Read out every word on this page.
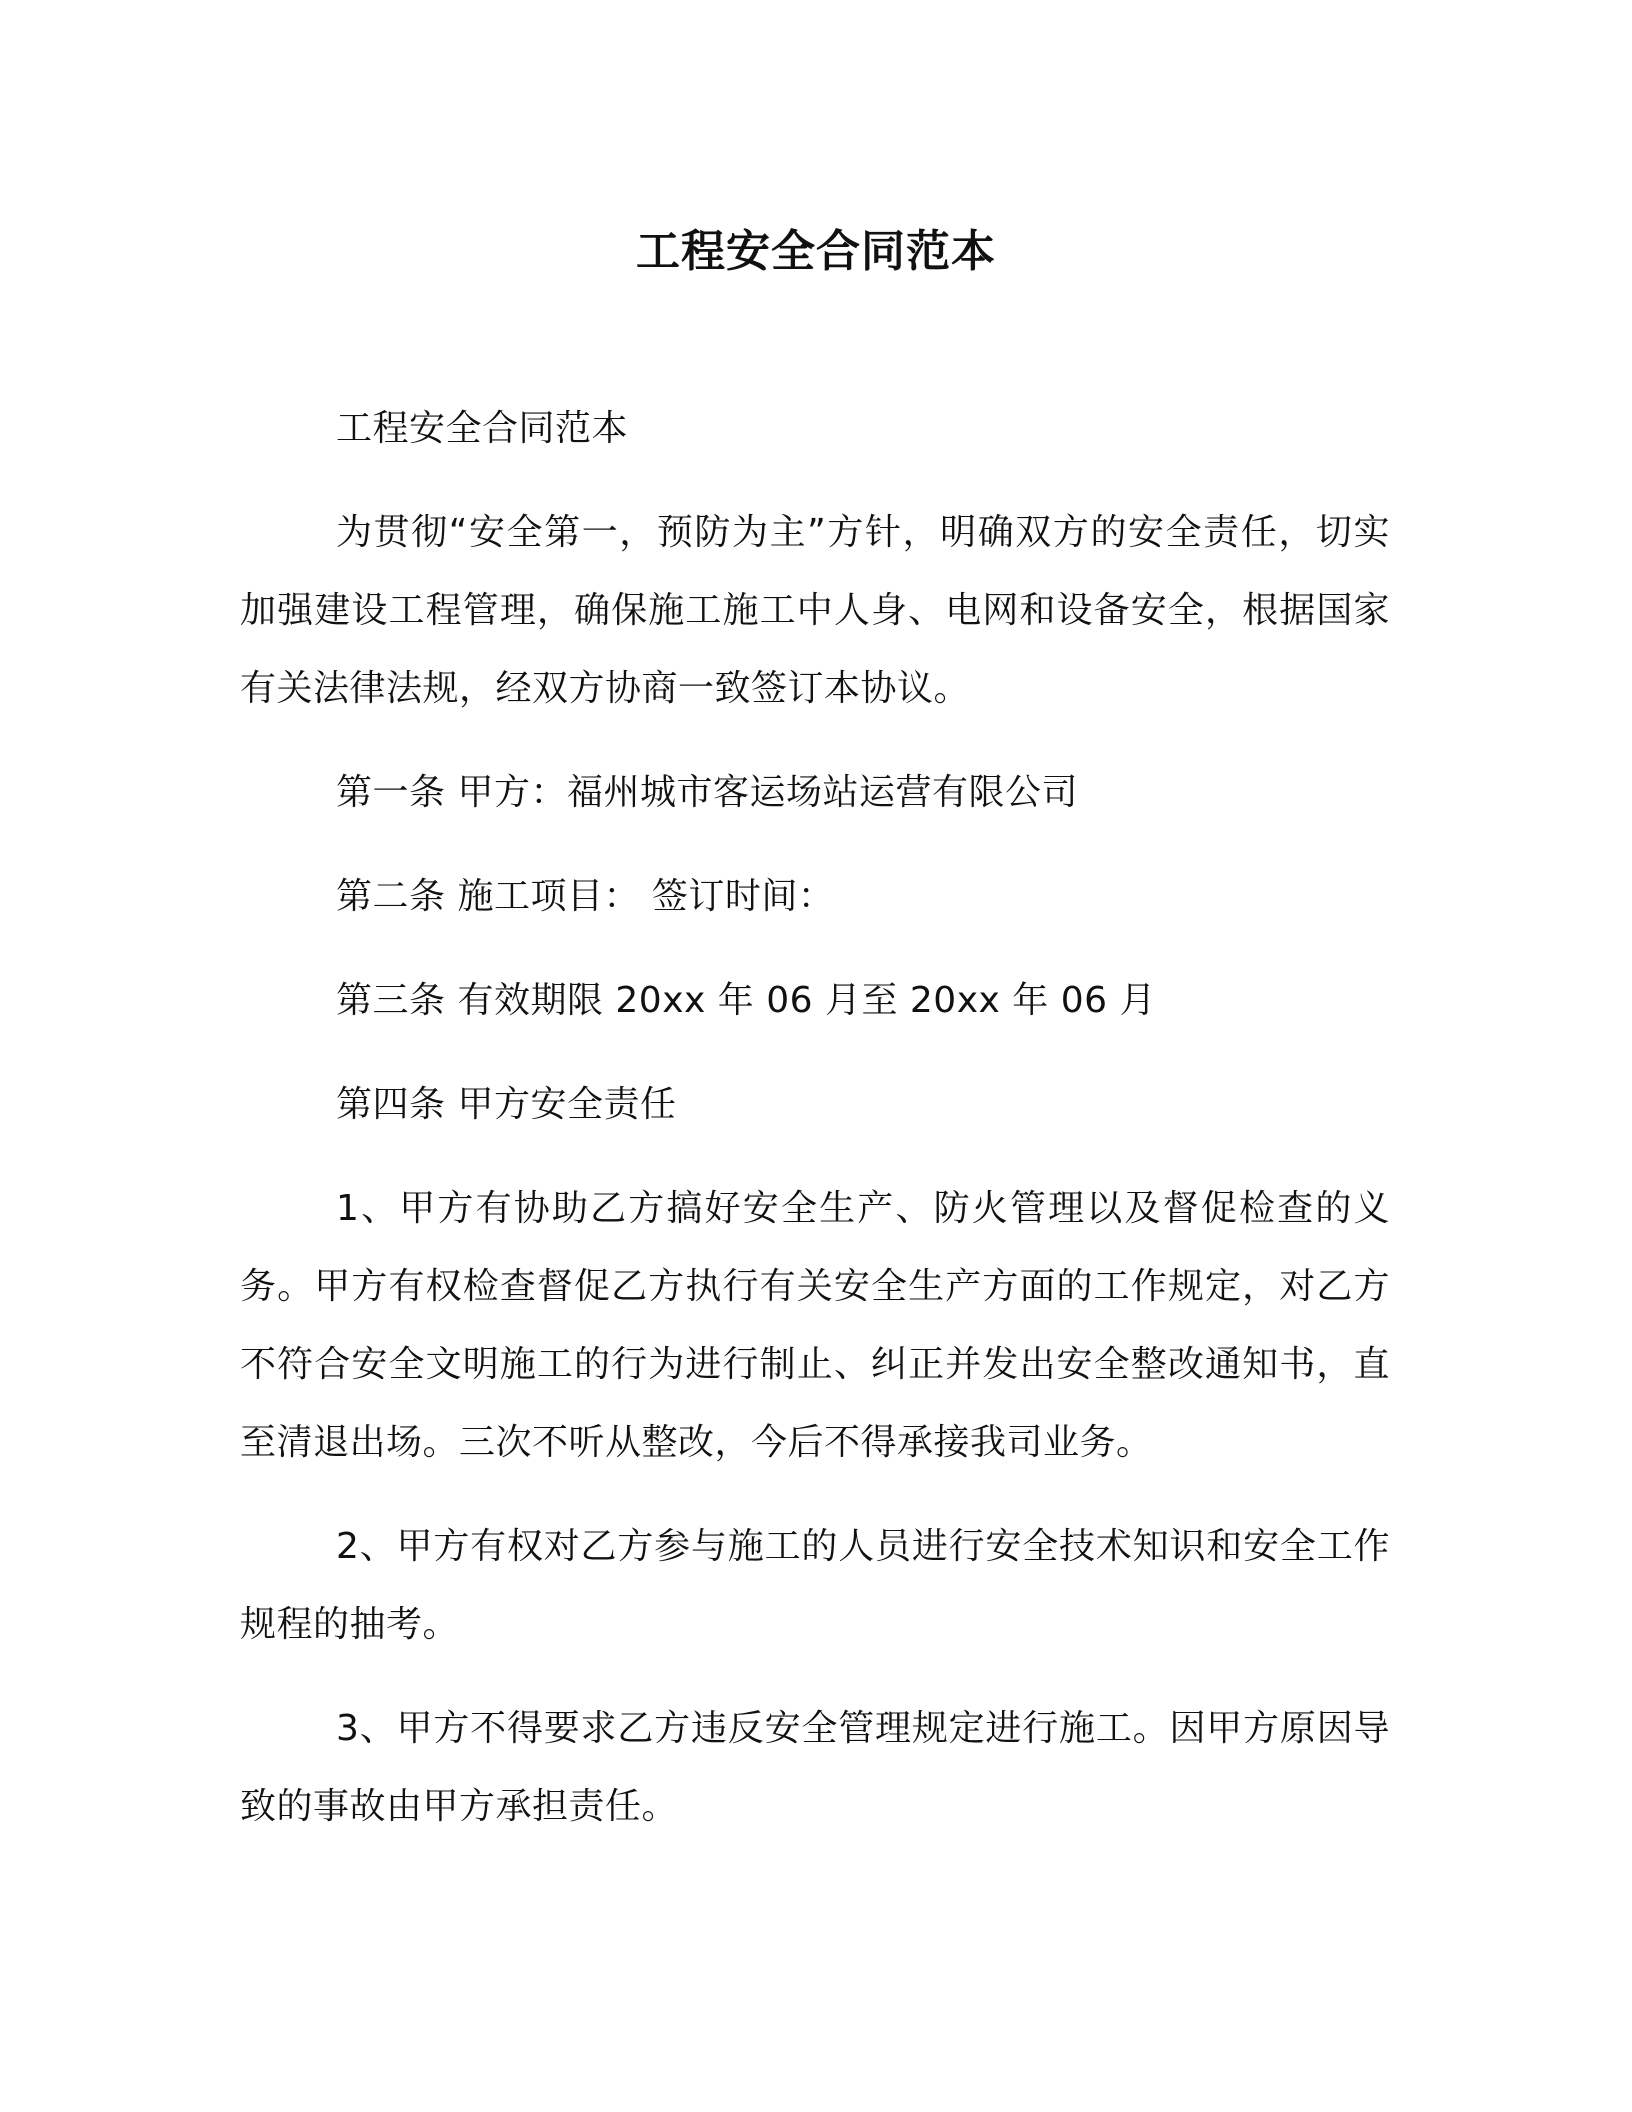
工程安全合同范本

工程安全合同范本

为贯彻“安全第一，预防为主”方针，明确双方的安全责任，切实加强建设工程管理，确保施工施工中人身、电网和设备安全，根据国家有关法律法规，经双方协商一致签订本协议。

第一条 甲方：福州城市客运场站运营有限公司

第二条 施工项目： 签订时间：

第三条 有效期限 20xx 年 06 月至 20xx 年 06 月

第四条 甲方安全责任

1、甲方有协助乙方搞好安全生产、防火管理以及督促检查的义务。甲方有权检查督促乙方执行有关安全生产方面的工作规定，对乙方不符合安全文明施工的行为进行制止、纠正并发出安全整改通知书，直至清退出场。三次不听从整改，今后不得承接我司业务。

2、甲方有权对乙方参与施工的人员进行安全技术知识和安全工作规程的抽考。

3、甲方不得要求乙方违反安全管理规定进行施工。因甲方原因导致的事故由甲方承担责任。
